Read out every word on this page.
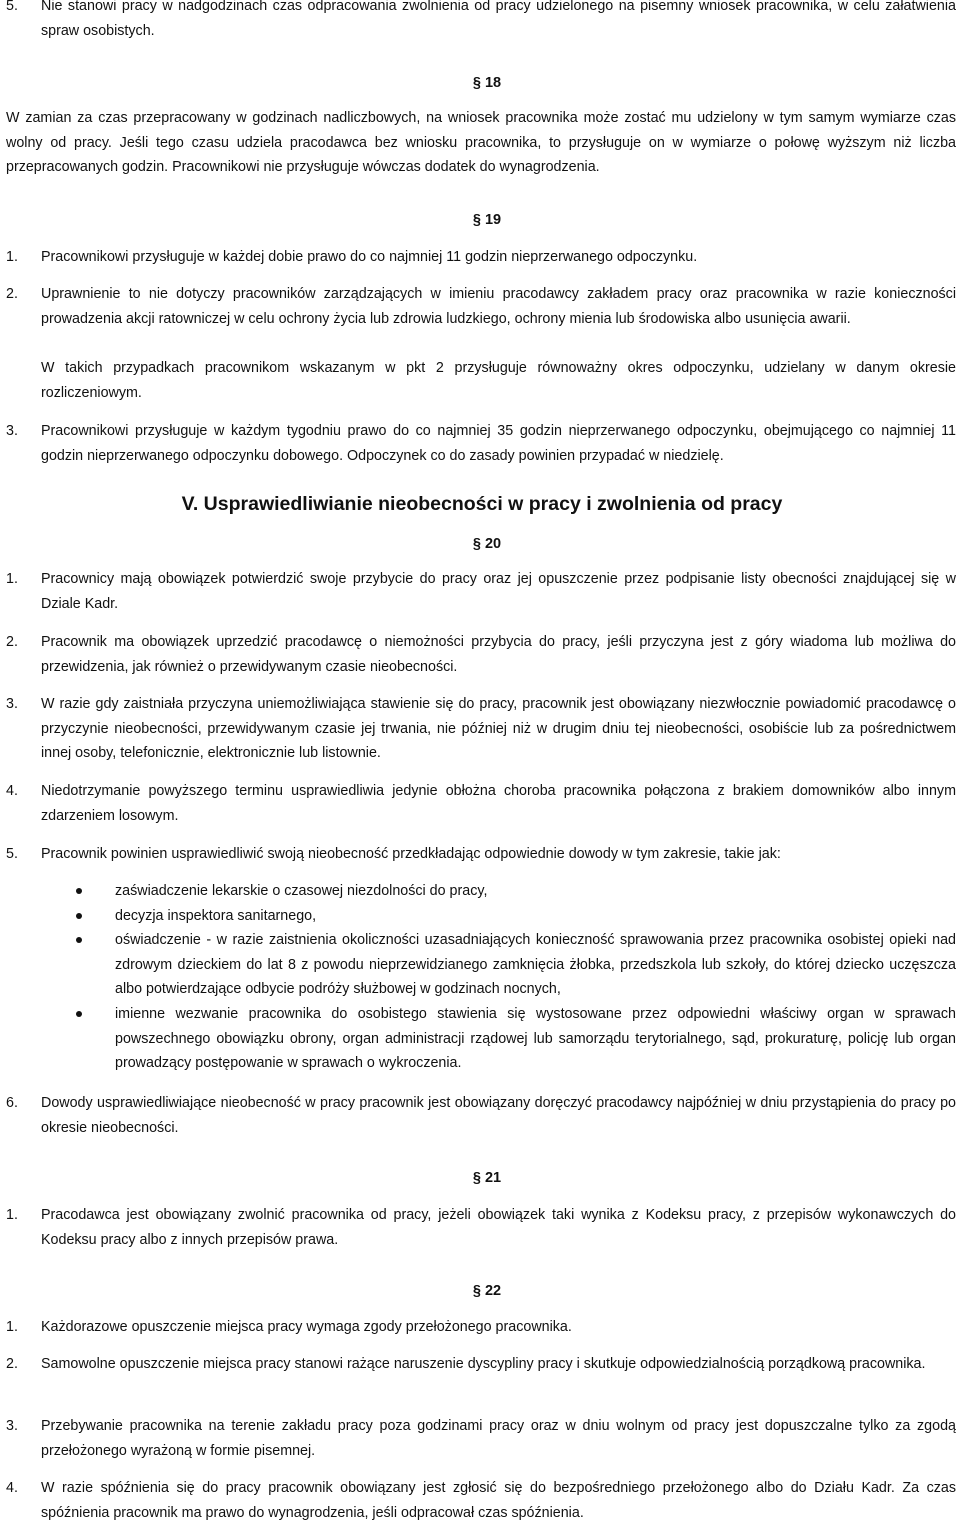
5. Nie stanowi pracy w nadgodzinach czas odpracowania zwolnienia od pracy udzielonego na pisemny wniosek pracownika, w celu załatwienia spraw osobistych.
§ 18
W zamian za czas przepracowany w godzinach nadliczbowych, na wniosek pracownika może zostać mu udzielony w tym samym wymiarze czas wolny od pracy. Jeśli tego czasu udziela pracodawca bez wniosku pracownika, to przysługuje on w wymiarze o połowę wyższym niż liczba przepracowanych godzin. Pracownikowi nie przysługuje wówczas dodatek do wynagrodzenia.
§ 19
1. Pracownikowi przysługuje w każdej dobie prawo do co najmniej 11 godzin nieprzerwanego odpoczynku.
2. Uprawnienie to nie dotyczy pracowników zarządzających w imieniu pracodawcy zakładem pracy oraz pracownika w razie konieczności prowadzenia akcji ratowniczej w celu ochrony życia lub zdrowia ludzkiego, ochrony mienia lub środowiska albo usunięcia awarii.
W takich przypadkach pracownikom wskazanym w pkt 2 przysługuje równoważny okres odpoczynku, udzielany w danym okresie rozliczeniowym.
3. Pracownikowi przysługuje w każdym tygodniu prawo do co najmniej 35 godzin nieprzerwanego odpoczynku, obejmującego co najmniej 11 godzin nieprzerwanego odpoczynku dobowego. Odpoczynek co do zasady powinien przypadać w niedzielę.
V. Usprawiedliwianie nieobecności w pracy i zwolnienia od pracy
§ 20
1. Pracownicy mają obowiązek potwierdzić swoje przybycie do pracy oraz jej opuszczenie przez podpisanie listy obecności znajdującej się w Dziale Kadr.
2. Pracownik ma obowiązek uprzedzić pracodawcę o niemożności przybycia do pracy, jeśli przyczyna jest z góry wiadoma lub możliwa do przewidzenia, jak również o przewidywanym czasie nieobecności.
3. W razie gdy zaistniała przyczyna uniemożliwiająca stawienie się do pracy, pracownik jest obowiązany niezwłocznie powiadomić pracodawcę o przyczynie nieobecności, przewidywanym czasie jej trwania, nie później niż w drugim dniu tej nieobecności, osobiście lub za pośrednictwem innej osoby, telefonicznie, elektronicznie lub listownie.
4. Niedotrzymanie powyższego terminu usprawiedliwia jedynie obłożna choroba pracownika połączona z brakiem domowników albo innym zdarzeniem losowym.
5. Pracownik powinien usprawiedliwić swoją nieobecność przedkładając odpowiednie dowody w tym zakresie, takie jak:
zaświadczenie lekarskie o czasowej niezdolności do pracy,
decyzja inspektora sanitarnego,
oświadczenie - w razie zaistnienia okoliczności uzasadniających konieczność sprawowania przez pracownika osobistej opieki nad zdrowym dzieckiem do lat 8 z powodu nieprzewidzianego zamknięcia żłobka, przedszkola lub szkoły, do której dziecko uczęszcza albo potwierdzające odbycie podróży służbowej w godzinach nocnych,
imienne wezwanie pracownika do osobistego stawienia się wystosowane przez odpowiedni właściwy organ w sprawach powszechnego obowiązku obrony, organ administracji rządowej lub samorządu terytorialnego, sąd, prokuraturę, policję lub organ prowadzący postępowanie w sprawach o wykroczenia.
6. Dowody usprawiedliwiające nieobecność w pracy pracownik jest obowiązany doręczyć pracodawcy najpóźniej w dniu przystąpienia do pracy po okresie nieobecności.
§ 21
1. Pracodawca jest obowiązany zwolnić pracownika od pracy, jeżeli obowiązek taki wynika z Kodeksu pracy, z przepisów wykonawczych do Kodeksu pracy albo z innych przepisów prawa.
§ 22
1. Każdorazowe opuszczenie miejsca pracy wymaga zgody przełożonego pracownika.
2. Samowolne opuszczenie miejsca pracy stanowi rażące naruszenie dyscypliny pracy i skutkuje odpowiedzialnością porządkową pracownika.
3. Przebywanie pracownika na terenie zakładu pracy poza godzinami pracy oraz w dniu wolnym od pracy jest dopuszczalne tylko za zgodą przełożonego wyrażoną w formie pisemnej.
4. W razie spóźnienia się do pracy pracownik obowiązany jest zgłosić się do bezpośredniego przełożonego albo do Działu Kadr. Za czas spóźnienia pracownik ma prawo do wynagrodzenia, jeśli odpracował czas spóźnienia.
